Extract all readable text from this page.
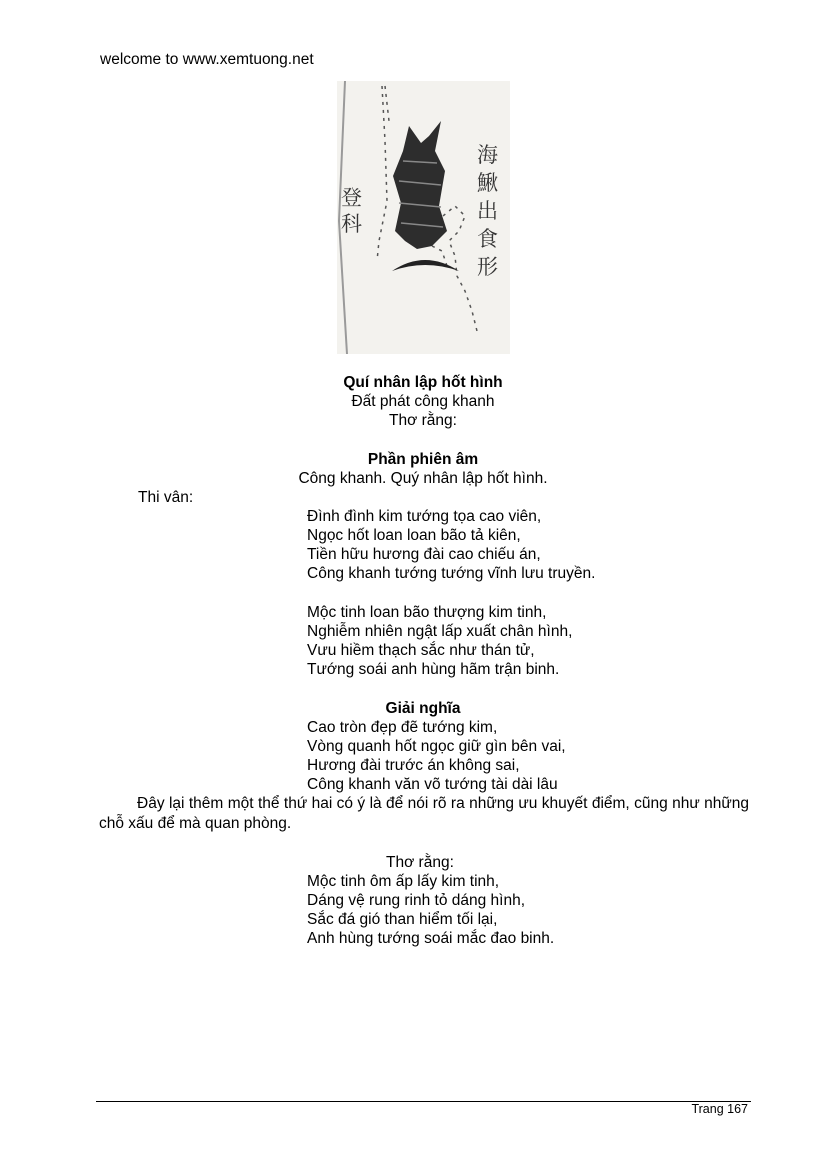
welcome to www.xemtuong.net
登科
海鰍出食形
Quí nhân lập hốt hình
Đất phát công khanh
Thơ rằng:
Phần phiên âm
Công khanh. Quý nhân lập hốt hình.
Thi vân:
Đình đình kim tướng tọa cao viên,
Ngọc hốt loan loan bão tả kiên,
Tiền hữu hương đài cao chiếu án,
Công khanh tướng tướng vĩnh lưu truyền.
Mộc tinh loan bão thượng kim tinh,
Nghiễm nhiên ngật lấp xuất chân hình,
Vưu hiềm thạch sắc như thán tử,
Tướng soái anh hùng hãm trận binh.
Giải nghĩa
Cao tròn đẹp đẽ tướng kim,
Vòng quanh hốt ngọc giữ gìn bên vai,
Hương đài trước án không sai,
Công khanh văn võ tướng tài dài lâu
Đây lại thêm một thể thứ hai có ý là để nói rõ ra những ưu khuyết điểm, cũng như những chỗ xấu để mà quan phòng.
Thơ rằng:
Mộc tinh ôm ấp lấy kim tinh,
Dáng vệ rung rinh tỏ dáng hình,
Sắc đá gió than hiểm tối lại,
Anh hùng tướng soái mắc đao binh.
Trang 167
